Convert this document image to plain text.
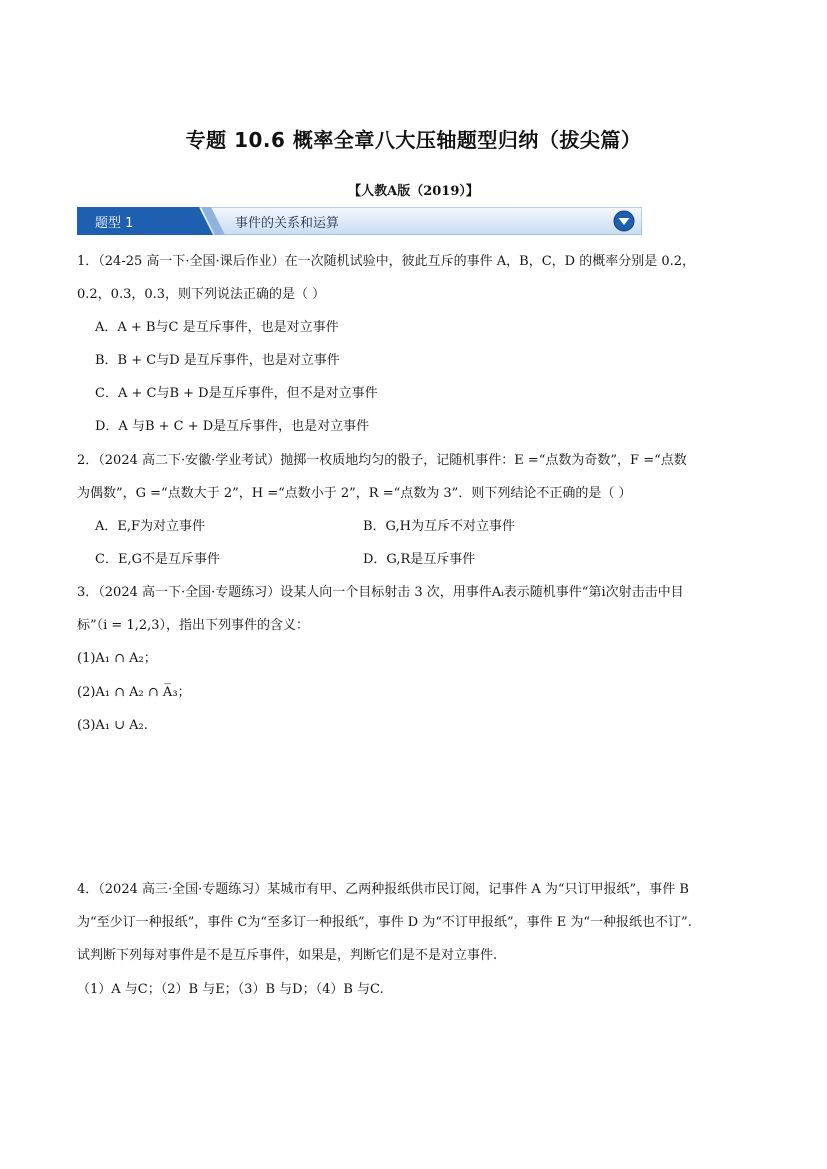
专题 10.6 概率全章八大压轴题型归纳（拔尖篇）
【人教A版（2019）】
题型 1	事件的关系和运算
1．（24-25 高一下·全国·课后作业）在一次随机试验中，彼此互斥的事件 A，B，C，D 的概率分别是 0.2，
0.2，0.3，0.3，则下列说法正确的是（ ）
A．A + B与C 是互斥事件，也是对立事件
B．B + C与D 是互斥事件，也是对立事件
C．A + C与B + D是互斥事件，但不是对立事件
D．A 与B + C + D是互斥事件，也是对立事件
2．（2024 高二下·安徽·学业考试）抛掷一枚质地均匀的骰子，记随机事件：E =“点数为奇数”，F =“点数
为偶数”，G =“点数大于 2”，H =“点数小于 2”，R =“点数为 3”．则下列结论不正确的是（ ）
A．E,F为对立事件	B．G,H为互斥不对立事件
C．E,G不是互斥事件	D．G,R是互斥事件
3．（2024 高一下·全国·专题练习）设某人向一个目标射击 3 次，用事件Aᵢ表示随机事件“第i次射击击中目
标”（i = 1,2,3），指出下列事件的含义：
(1)A₁ ∩ A₂；
(2)A₁ ∩ A₂ ∩ A̅₃；
(3)A₁ ∪ A₂.
4．（2024 高三·全国·专题练习）某城市有甲、乙两种报纸供市民订阅，记事件 A 为“只订甲报纸”，事件 B
为“至少订一种报纸”，事件 C为“至多订一种报纸”，事件 D 为“不订甲报纸”，事件 E 为“一种报纸也不订”.
试判断下列每对事件是不是互斥事件，如果是，判断它们是不是对立事件.
（1）A 与C；（2）B 与E；（3）B 与D；（4）B 与C.
